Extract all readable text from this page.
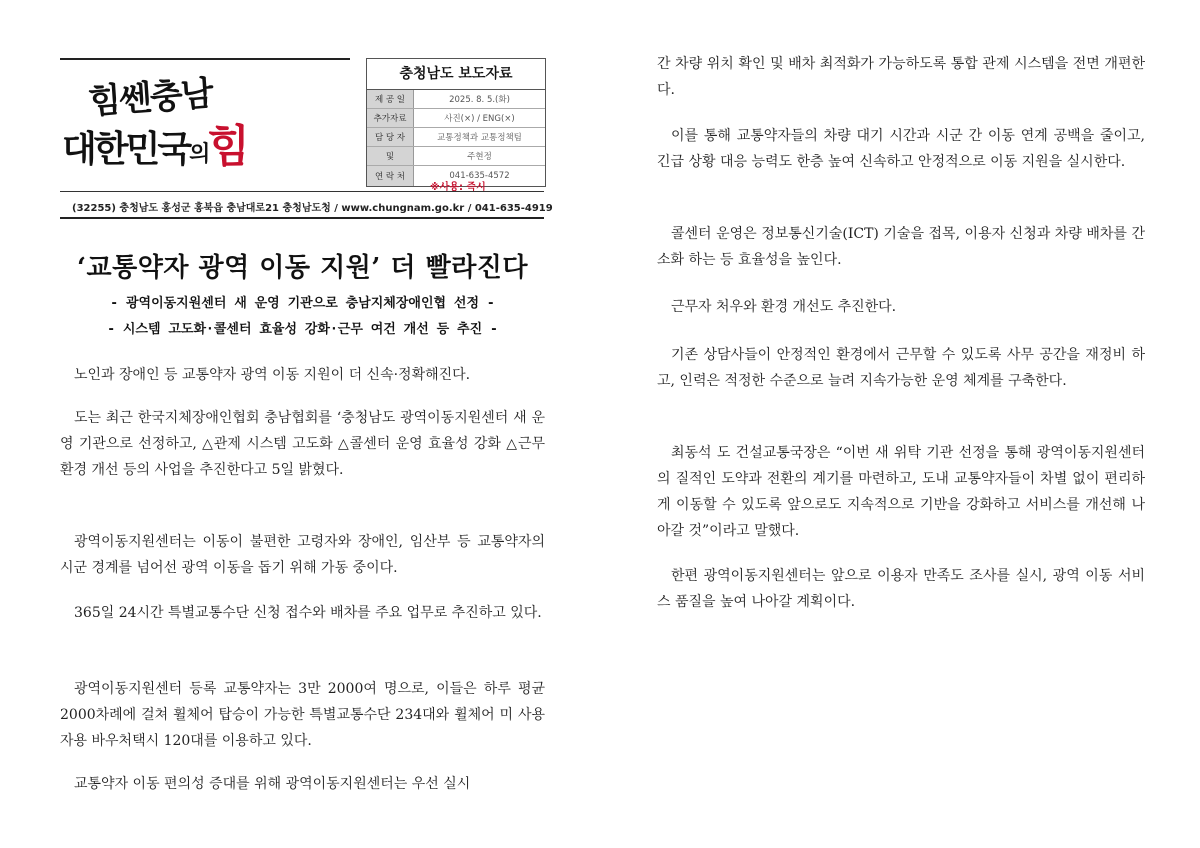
힘쎈충남
대한민국의힘
충청남도 보도자료
제 공 일	2025. 8. 5.(화)
추가자료	사진(×) / ENG(×)
담 당 자	교통정책과 교통정책팀
및	주현정
연 락 처	041-635-4572
※사용: 즉시
(32255) 충청남도 홍성군 홍북읍 충남대로21 충청남도청 / www.chungnam.go.kr / 041-635-4919
‘교통약자 광역 이동 지원’ 더 빨라진다
- 광역이동지원센터 새 운영 기관으로 충남지체장애인협 선정 -
- 시스템 고도화·콜센터 효율성 강화·근무 여건 개선 등 추진 -

노인과 장애인 등 교통약자 광역 이동 지원이 더 신속·정확해진다.

도는 최근 한국지체장애인협회 충남협회를 ‘충청남도 광역이동지원센터 새 운영 기관으로 선정하고, △관제 시스템 고도화 △콜센터 운영 효율성 강화 △근무 환경 개선 등의 사업을 추진한다고 5일 밝혔다.

광역이동지원센터는 이동이 불편한 고령자와 장애인, 임산부 등 교통약자의 시군 경계를 넘어선 광역 이동을 돕기 위해 가동 중이다.

365일 24시간 특별교통수단 신청 접수와 배차를 주요 업무로 추진하고 있다.

광역이동지원센터 등록 교통약자는 3만 2000여 명으로, 이들은 하루 평균 2000차례에 걸쳐 휠체어 탑승이 가능한 특별교통수단 234대와 휠체어 미 사용자용 바우처택시 120대를 이용하고 있다.

교통약자 이동 편의성 증대를 위해 광역이동지원센터는 우선 실시

간 차량 위치 확인 및 배차 최적화가 가능하도록 통합 관제 시스템을 전면 개편한다.

이를 통해 교통약자들의 차량 대기 시간과 시군 간 이동 연계 공백을 줄이고, 긴급 상황 대응 능력도 한층 높여 신속하고 안정적으로 이동 지원을 실시한다.

콜센터 운영은 정보통신기술(ICT) 기술을 접목, 이용자 신청과 차량 배차를 간소화 하는 등 효율성을 높인다.

근무자 처우와 환경 개선도 추진한다.

기존 상담사들이 안정적인 환경에서 근무할 수 있도록 사무 공간을 재정비 하고, 인력은 적정한 수준으로 늘려 지속가능한 운영 체계를 구축한다.

최동석 도 건설교통국장은 “이번 새 위탁 기관 선정을 통해 광역이동지원센터의 질적인 도약과 전환의 계기를 마련하고, 도내 교통약자들이 차별 없이 편리하게 이동할 수 있도록 앞으로도 지속적으로 기반을 강화하고 서비스를 개선해 나아갈 것”이라고 말했다.

한편 광역이동지원센터는 앞으로 이용자 만족도 조사를 실시, 광역 이동 서비스 품질을 높여 나아갈 계획이다.
